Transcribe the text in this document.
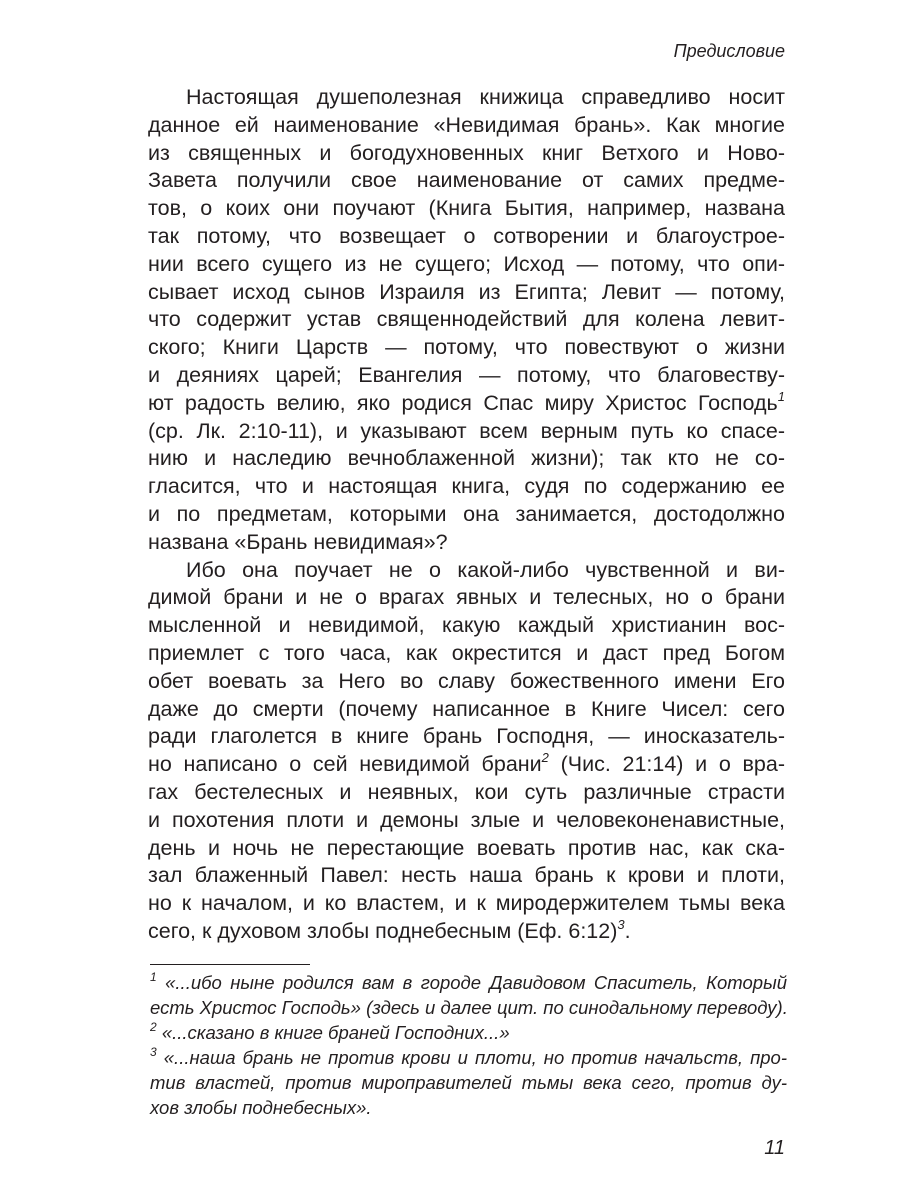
Предисловие
Настоящая душеполезная книжица справедливо носит
данное ей наименование «Невидимая брань». Как многие
из священных и богодухновенных книг Ветхого и Ново-
Завета получили свое наименование от самих предме-
тов, о коих они поучают (Книга Бытия, например, названа
так потому, что возвещает о сотворении и благоустрое-
нии всего сущего из не сущего; Исход — потому, что опи-
сывает исход сынов Израиля из Египта; Левит — потому,
что содержит устав священнодействий для колена левит-
ского; Книги Царств — потому, что повествуют о жизни
и деяниях царей; Евангелия — потому, что благовеству-
ют радость велию, яко родися Спас миру Христос Господь$^1$
(ср. Лк. 2:10-11), и указывают всем верным путь ко спасе-
нию и наследию вечноблаженной жизни); так кто не со-
гласится, что и настоящая книга, судя по содержанию ее
и по предметам, которыми она занимается, достодолжно
названа «Брань невидимая»?
Ибо она поучает не о какой-либо чувственной и ви-
димой брани и не о врагах явных и телесных, но о брани
мысленной и невидимой, какую каждый христианин вос-
приемлет с того часа, как окрестится и даст пред Богом
обет воевать за Него во славу божественного имени Его
даже до смерти (почему написанное в Книге Чисел: сего
ради глаголется в книге брань Господня, — иносказатель-
но написано о сей невидимой брани$^2$ (Чис. 21:14) и о вра-
гах бестелесных и неявных, кои суть различные страсти
и похотения плоти и демоны злые и человеконенавистные,
день и ночь не перестающие воевать против нас, как ска-
зал блаженный Павел: несть наша брань к крови и плоти,
но к началом, и ко властем, и к миродержителем тьмы века
сего, к духовом злобы поднебесным (Еф. 6:12)$^3$.
$^1$ «...ибо ныне родился вам в городе Давидовом Спаситель, Который
есть Христос Господь» (здесь и далее цит. по синодальному переводу).
$^2$ «...сказано в книге браней Господних...»
$^3$ «...наша брань не против крови и плоти, но против начальств, про-
тив властей, против мироправителей тьмы века сего, против ду-
хов злобы поднебесных».
11
